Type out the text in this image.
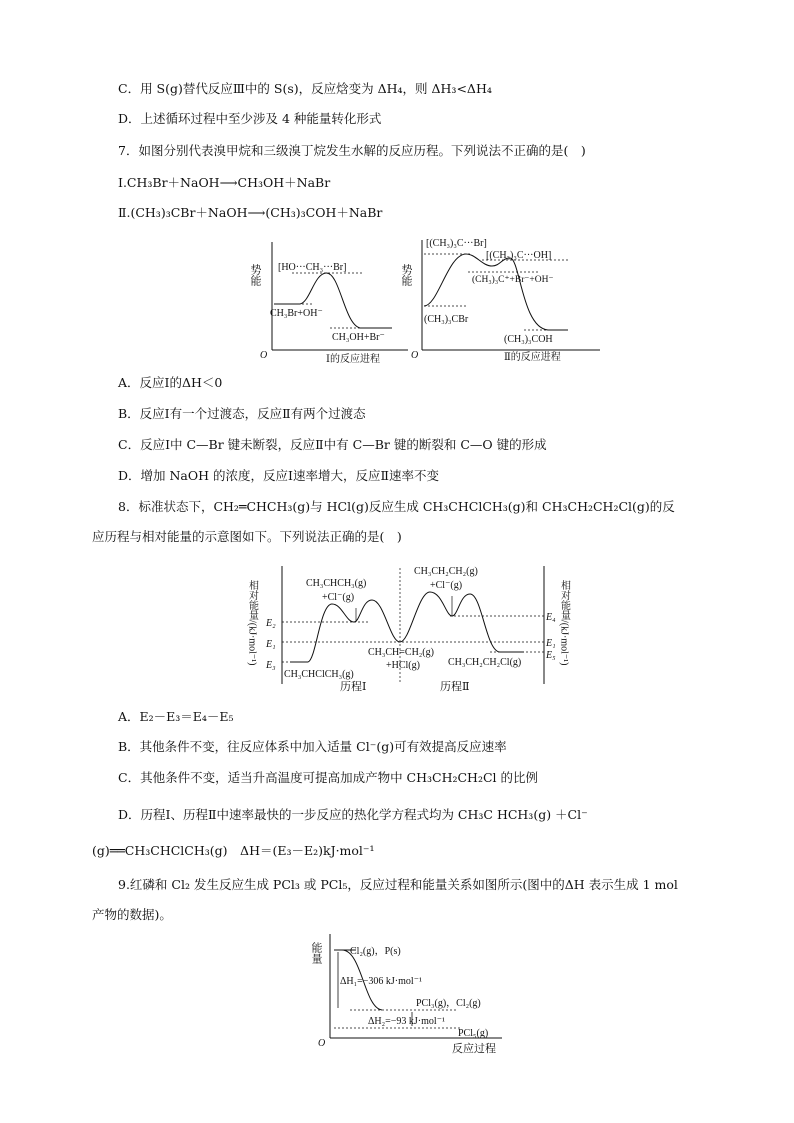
C．用 S(g)替代反应Ⅲ中的 S(s)，反应焓变为 ΔH₄，则 ΔH₃<ΔH₄
D．上述循环过程中至少涉及 4 种能量转化形式
7．如图分别代表溴甲烷和三级溴丁烷发生水解的反应历程。下列说法不正确的是(　)
Ⅰ.CH₃Br＋NaOH⟶CH₃OH＋NaBr
Ⅱ.(CH₃)₃CBr＋NaOH⟶(CH₃)₃COH＋NaBr
势能
O
[HO···CH₃···Br]
CH₃Br+OH⁻
CH₃OH+Br⁻
Ⅰ的反应进程
势能
O
[(CH₃)₃C···Br]
[(CH₃)₃C···OH]
(CH₃)₃C⁺+Br⁻+OH⁻
(CH₃)₃CBr
(CH₃)₃COH
Ⅱ的反应进程
A．反应Ⅰ的ΔH＜0
B．反应Ⅰ有一个过渡态，反应Ⅱ有两个过渡态
C．反应Ⅰ中 C—Br 键未断裂，反应Ⅱ中有 C—Br 键的断裂和 C—O 键的形成
D．增加 NaOH 的浓度，反应Ⅰ速率增大，反应Ⅱ速率不变
8．标准状态下，CH₂═CHCH₃(g)与 HCl(g)反应生成 CH₃CHClCH₃(g)和 CH₃CH₂CH₂Cl(g)的反
应历程与相对能量的示意图如下。下列说法正确的是(　)
相对能量/(kJ·mol⁻¹)	相对能量/(kJ·mol⁻¹)
E₂
E₁
E₃
E₄
E₁
E₅
CH₃CHCH₃(g)
+Cl⁻(g)
CH₃CH₂CH₂(g)
+Cl⁻(g)
CH₃CH=CH₂(g)
+HCl(g)
CH₃CHClCH₃(g)
CH₃CH₂CH₂Cl(g)
历程Ⅰ	历程Ⅱ
A．E₂－E₃＝E₄－E₅
B．其他条件不变，往反应体系中加入适量 Cl⁻(g)可有效提高反应速率
C．其他条件不变，适当升高温度可提高加成产物中 CH₃CH₂CH₂Cl 的比例
D．历程Ⅰ、历程Ⅱ中速率最快的一步反应的热化学方程式均为 CH₃C HCH₃(g) ＋Cl⁻
(g)══CH₃CHClCH₃(g)　ΔH＝(E₃－E₂)kJ·mol⁻¹
9.红磷和 Cl₂ 发生反应生成 PCl₃ 或 PCl₅，反应过程和能量关系如图所示(图中的ΔH 表示生成 1 mol
产物的数据)。
能量
O
Cl₂(g)，P(s)
ΔH₁=−306 kJ·mol⁻¹
PCl₃(g)，Cl₂(g)
ΔH₂=−93 kJ·mol⁻¹
PCl₅(g)
反应过程
